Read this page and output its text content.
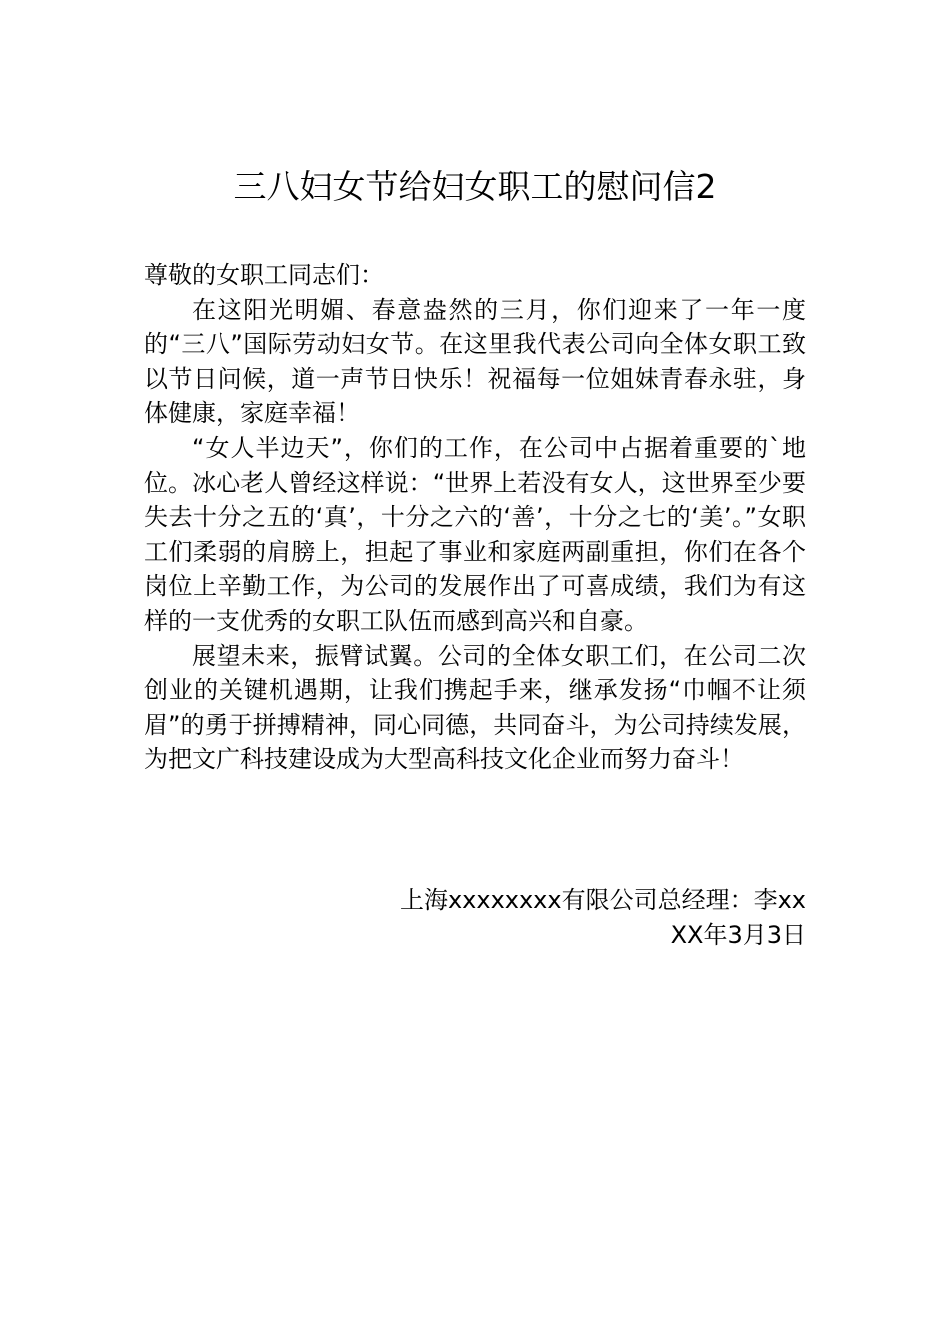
三八妇女节给妇女职工的慰问信2

尊敬的女职工同志们：

在这阳光明媚、春意盎然的三月，你们迎来了一年一度的“三八”国际劳动妇女节。在这里我代表公司向全体女职工致以节日问候，道一声节日快乐！祝福每一位姐妹青春永驻，身体健康，家庭幸福！

“女人半边天”，你们的工作，在公司中占据着重要的`地位。冰心老人曾经这样说：“世界上若没有女人，这世界至少要失去十分之五的‘真’，十分之六的‘善’，十分之七的‘美’。”女职工们柔弱的肩膀上，担起了事业和家庭两副重担，你们在各个岗位上辛勤工作，为公司的发展作出了可喜成绩，我们为有这样的一支优秀的女职工队伍而感到高兴和自豪。

展望未来，振臂试翼。公司的全体女职工们，在公司二次创业的关键机遇期，让我们携起手来，继承发扬“巾帼不让须眉”的勇于拼搏精神，同心同德，共同奋斗，为公司持续发展，为把文广科技建设成为大型高科技文化企业而努力奋斗！

上海xxxxxxxx有限公司总经理：李xx

XX年3月3日
